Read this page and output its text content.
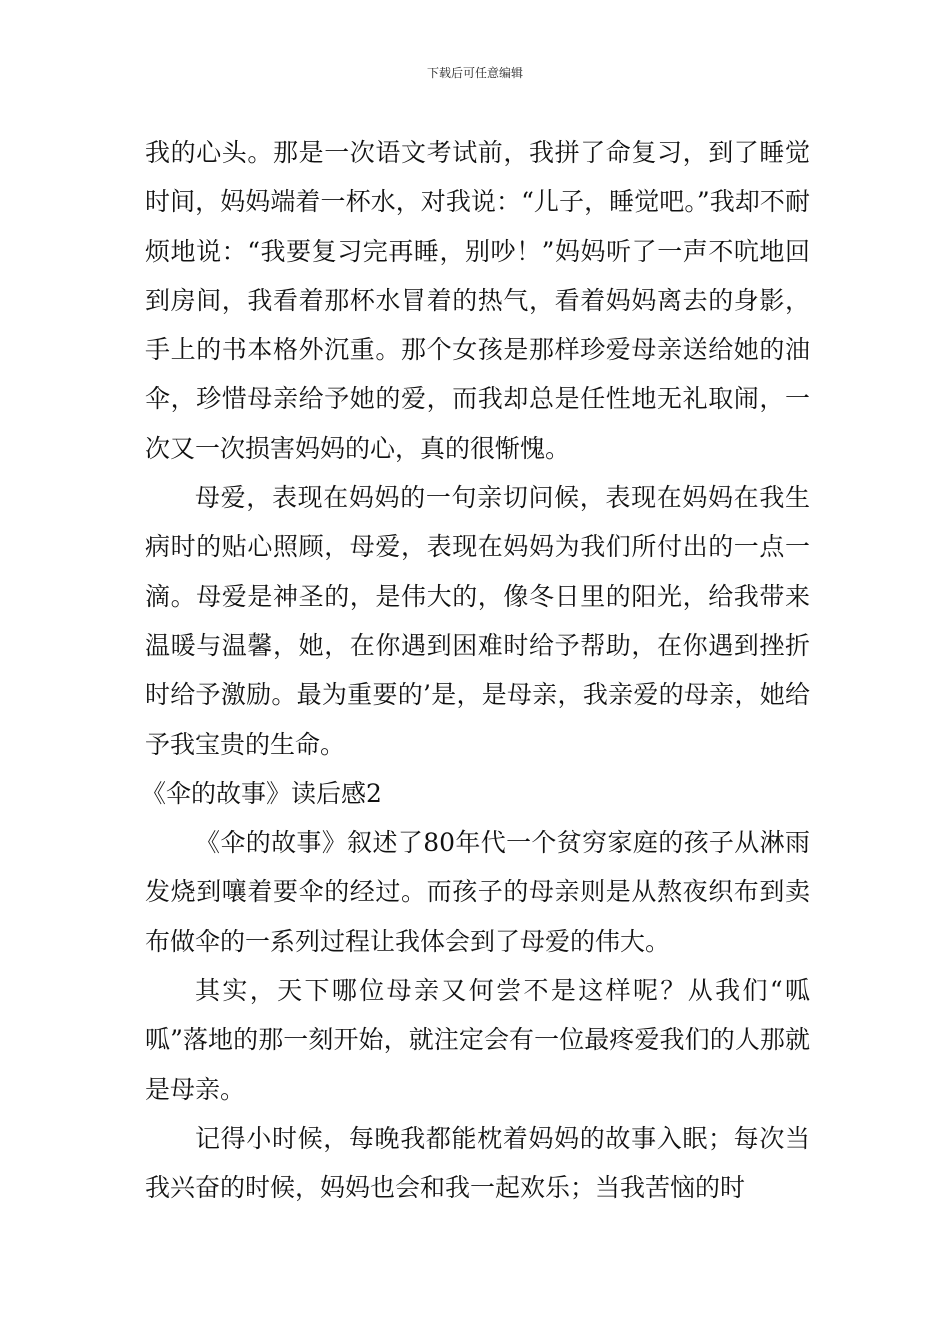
下载后可任意编辑

我的心头。那是一次语文考试前，我拼了命复习，到了睡觉时间，妈妈端着一杯水，对我说：“儿子，睡觉吧。”我却不耐烦地说：“我要复习完再睡，别吵！”妈妈听了一声不吭地回到房间，我看着那杯水冒着的热气，看着妈妈离去的身影，手上的书本格外沉重。那个女孩是那样珍爱母亲送给她的油伞，珍惜母亲给予她的爱，而我却总是任性地无礼取闹，一次又一次损害妈妈的心，真的很惭愧。

母爱，表现在妈妈的一句亲切问候，表现在妈妈在我生病时的贴心照顾，母爱，表现在妈妈为我们所付出的一点一滴。母爱是神圣的，是伟大的，像冬日里的阳光，给我带来温暖与温馨，她，在你遇到困难时给予帮助，在你遇到挫折时给予激励。最为重要的’是，是母亲，我亲爱的母亲，她给予我宝贵的生命。

《伞的故事》读后感2

《伞的故事》叙述了80年代一个贫穷家庭的孩子从淋雨发烧到嚷着要伞的经过。而孩子的母亲则是从熬夜织布到卖布做伞的一系列过程让我体会到了母爱的伟大。

其实，天下哪位母亲又何尝不是这样呢？从我们“呱呱”落地的那一刻开始，就注定会有一位最疼爱我们的人那就是母亲。

记得小时候，每晚我都能枕着妈妈的故事入眠；每次当我兴奋的时候，妈妈也会和我一起欢乐；当我苦恼的时
